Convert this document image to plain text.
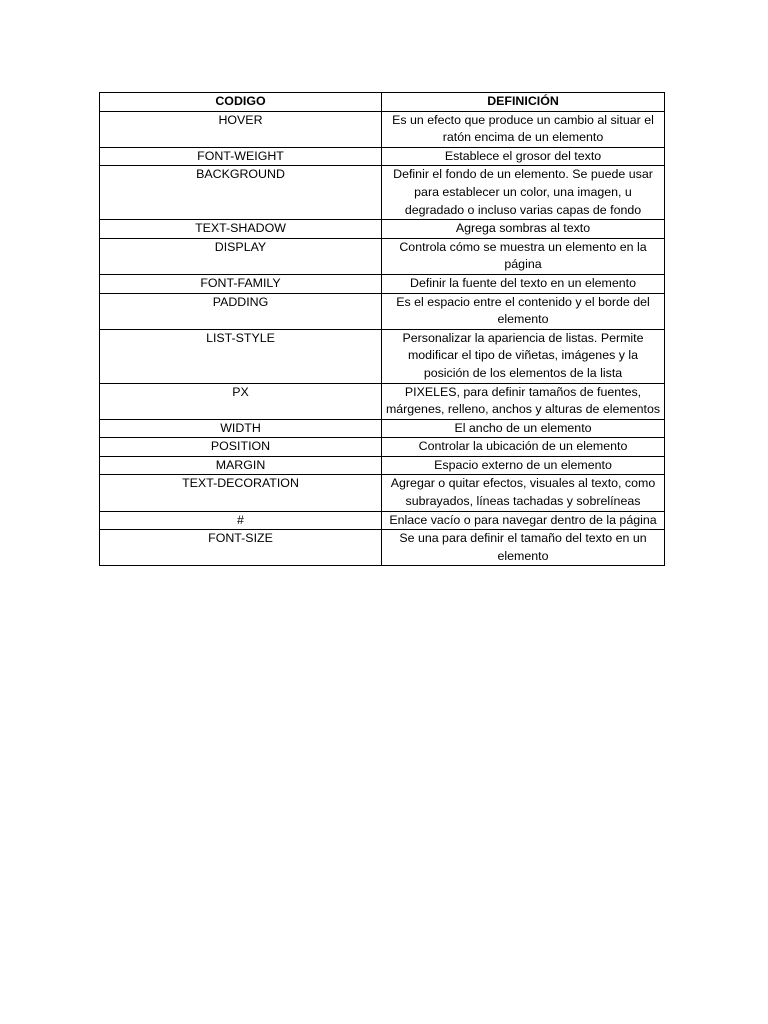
CODIGO	DEFINICIÓN
HOVER	Es un efecto que produce un cambio al situar el ratón encima de un elemento
FONT-WEIGHT	Establece el grosor del texto
BACKGROUND	Definir el fondo de un elemento. Se puede usar para establecer un color, una imagen, u degradado o incluso varias capas de fondo
TEXT-SHADOW	Agrega sombras al texto
DISPLAY	Controla cómo se muestra un elemento en la página
FONT-FAMILY	Definir la fuente del texto en un elemento
PADDING	Es el espacio entre el contenido y el borde del elemento
LIST-STYLE	Personalizar la apariencia de listas. Permite modificar el tipo de viñetas, imágenes y la posición de los elementos de la lista
PX	PIXELES, para definir tamaños de fuentes, márgenes, relleno, anchos y alturas de elementos
WIDTH	El ancho de un elemento
POSITION	Controlar la ubicación de un elemento
MARGIN	Espacio externo de un elemento
TEXT-DECORATION	Agregar o quitar efectos, visuales al texto, como subrayados, líneas tachadas y sobrelíneas
#	Enlace vacío o para navegar dentro de la página
FONT-SIZE	Se una para definir el tamaño del texto en un elemento
